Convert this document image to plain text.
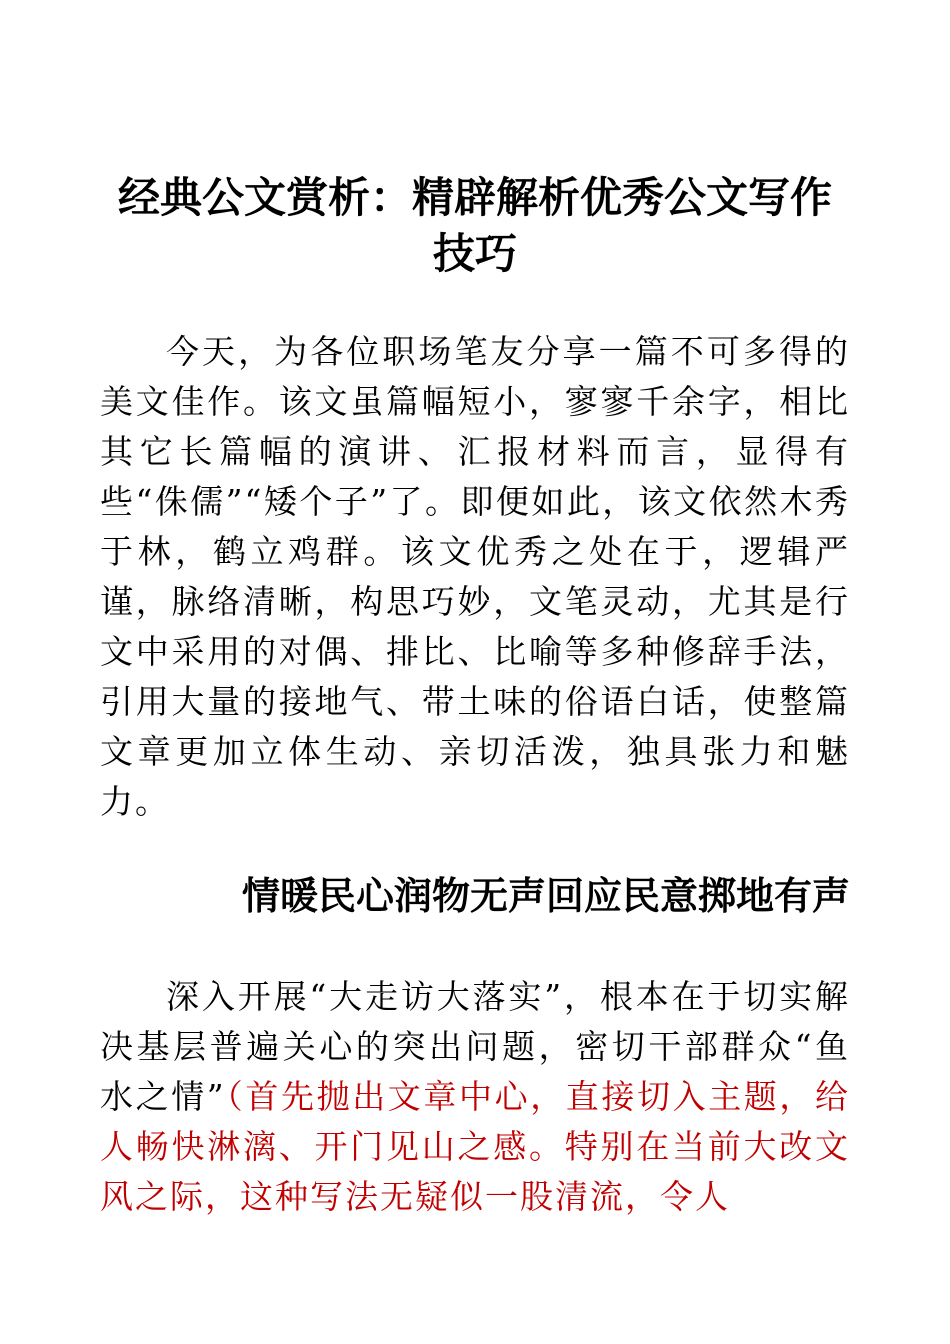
经典公文赏析：精辟解析优秀公文写作技巧

今天，为各位职场笔友分享一篇不可多得的美文佳作。该文虽篇幅短小，寥寥千余字，相比其它长篇幅的演讲、汇报材料而言，显得有些“侏儒”“矮个子”了。即便如此，该文依然木秀于林，鹤立鸡群。该文优秀之处在于，逻辑严谨，脉络清晰，构思巧妙，文笔灵动，尤其是行文中采用的对偶、排比、比喻等多种修辞手法，引用大量的接地气、带土味的俗语白话，使整篇文章更加立体生动、亲切活泼，独具张力和魅力。

情暖民心润物无声回应民意掷地有声

深入开展“大走访大落实”，根本在于切实解决基层普遍关心的突出问题，密切干部群众“鱼水之情”（首先抛出文章中心，直接切入主题，给人畅快淋漓、开门见山之感。特别在当前大改文风之际，这种写法无疑似一股清流，令人
